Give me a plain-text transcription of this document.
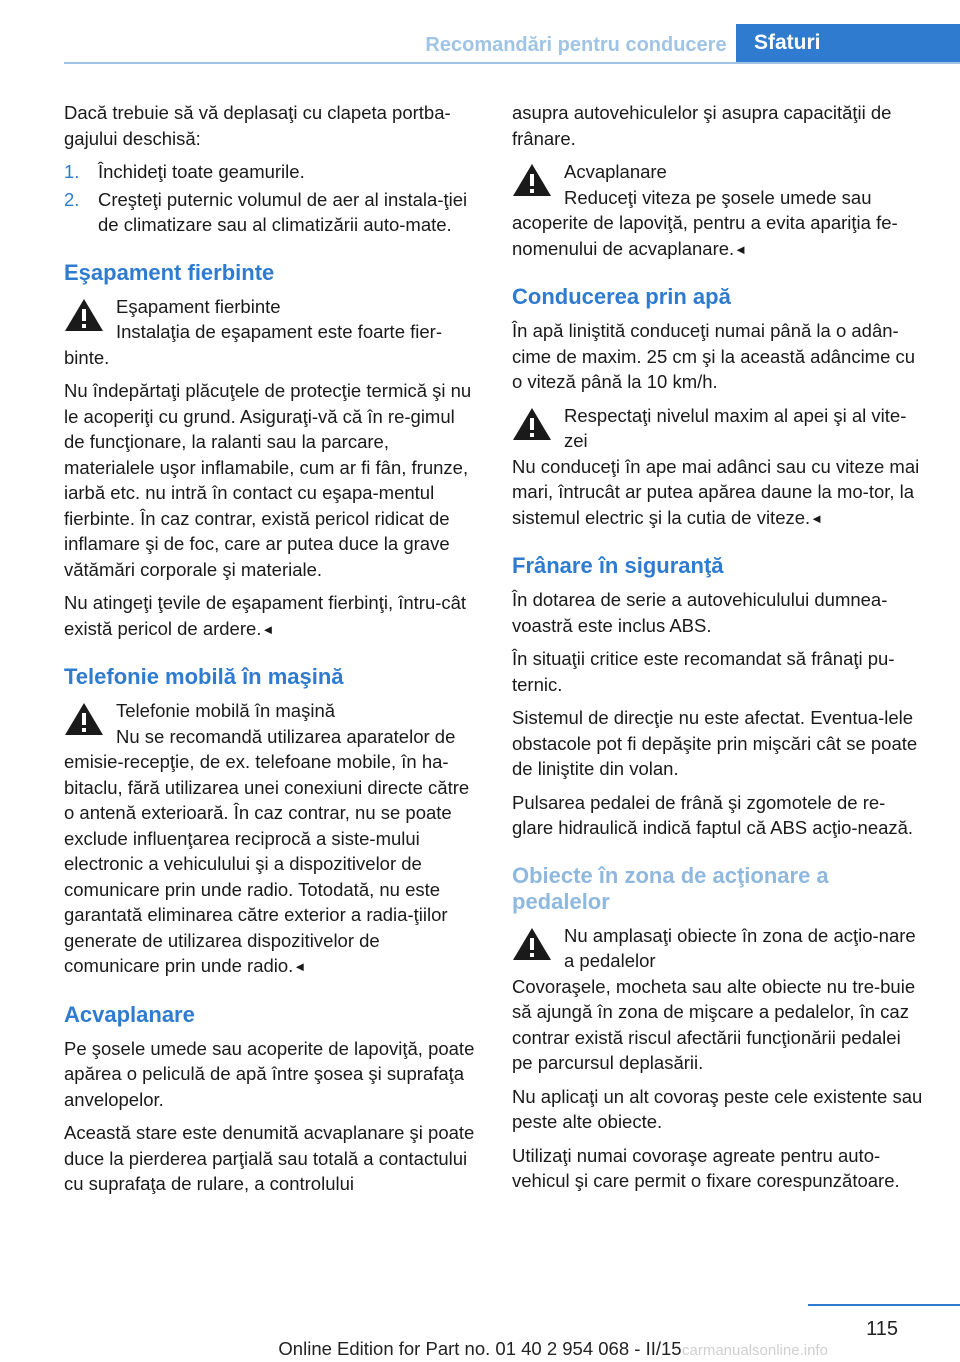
Recomandări pentru conducere	Sfaturi

Dacă trebuie să vă deplasaţi cu clapeta portba‐gajului deschisă:

1. Închideţi toate geamurile.
2. Creşteţi puternic volumul de aer al instala‐ţiei de climatizare sau al climatizării auto‐mate.
Eşapament fierbinte
Eşapament fierbinte
Instalaţia de eşapament este foarte fier‐binte.

Nu îndepărtaţi plăcuţele de protecţie termică şi nu le acoperiţi cu grund. Asiguraţi-vă că în re‐gimul de funcţionare, la ralanti sau la parcare, materialele uşor inflamabile, cum ar fi fân, frunze, iarbă etc. nu intră în contact cu eşapa‐mentul fierbinte. În caz contrar, există pericol ridicat de inflamare şi de foc, care ar putea duce la grave vătămări corporale şi materiale.

Nu atingeţi ţevile de eşapament fierbinţi, întru‐cât există pericol de ardere.◄

Telefonie mobilă în maşină
Telefonie mobilă în maşină
Nu se recomandă utilizarea aparatelor de emisie-recepţie, de ex. telefoane mobile, în ha‐bitaclu, fără utilizarea unei conexiuni directe către o antenă exterioară. În caz contrar, nu se poate exclude influenţarea reciprocă a siste‐mului electronic a vehiculului şi a dispozitivelor de comunicare prin unde radio. Totodată, nu este garantată eliminarea către exterior a radia‐ţiilor generate de utilizarea dispozitivelor de comunicare prin unde radio.◄
Acvaplanare

Pe şosele umede sau acoperite de lapoviţă, poate apărea o peliculă de apă între şosea şi suprafaţa anvelopelor.

Această stare este denumită acvaplanare şi poate duce la pierderea parţială sau totală a contactului cu suprafaţa de rulare, a controlului

asupra autovehiculelor şi asupra capacităţii de frânare.

Acvaplanare
Reduceţi viteza pe şosele umede sau acoperite de lapoviţă, pentru a evita apariţia fe‐nomenului de acvaplanare.◄
Conducerea prin apă

În apă liniştită conduceţi numai până la o adân‐cime de maxim. 25 cm şi la această adâncime cu o viteză până la 10 km/h.

Respectaţi nivelul maxim al apei şi al vite‐zei
Nu conduceţi în ape mai adânci sau cu viteze mai mari, întrucât ar putea apărea daune la mo‐tor, la sistemul electric şi la cutia de viteze.◄
Frânare în siguranţă

În dotarea de serie a autovehiculului dumnea‐voastră este inclus ABS.

În situaţii critice este recomandat să frânaţi pu‐ternic.

Sistemul de direcţie nu este afectat. Eventua‐lele obstacole pot fi depăşite prin mişcări cât se poate de liniştite din volan.

Pulsarea pedalei de frână şi zgomotele de re‐glare hidraulică indică faptul că ABS acţio‐nează.

Obiecte în zona de acţionare a pedalelor
Nu amplasaţi obiecte în zona de acţio‐nare a pedalelor
Covoraşele, mocheta sau alte obiecte nu tre‐buie să ajungă în zona de mişcare a pedalelor, în caz contrar există riscul afectării funcţionării pedalei pe parcursul deplasării.

Nu aplicaţi un alt covoraş peste cele existente sau peste alte obiecte.

Utilizaţi numai covoraşe agreate pentru auto‐vehicul şi care permit o fixare corespunzătoare.

115
carmanualsonline.info
Online Edition for Part no. 01 40 2 954 068 - II/15
